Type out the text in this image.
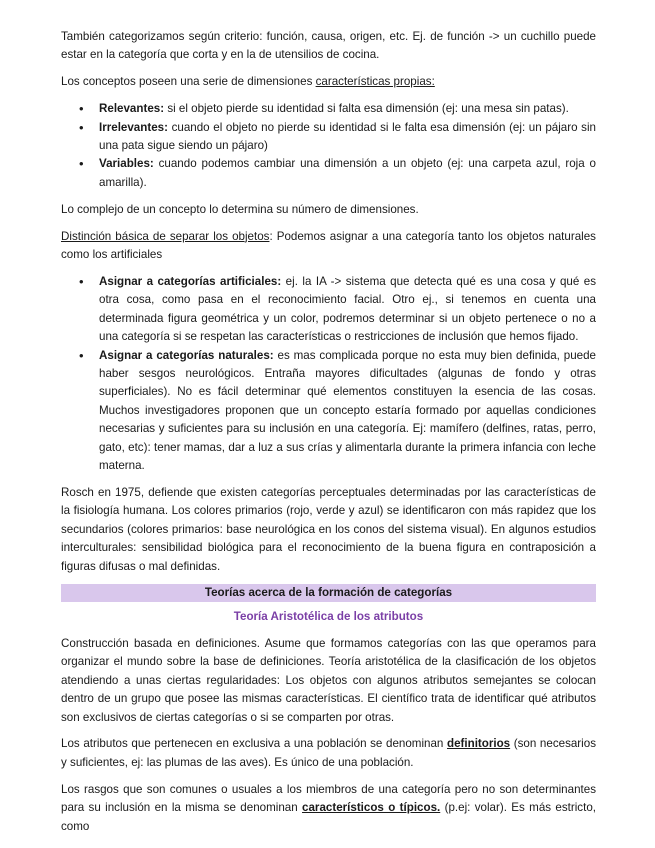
También categorizamos según criterio: función, causa, origen, etc. Ej. de función -> un cuchillo puede estar en la categoría que corta y en la de utensilios de cocina.

Los conceptos poseen una serie de dimensiones características propias:

• Relevantes: si el objeto pierde su identidad si falta esa dimensión (ej: una mesa sin patas).
• Irrelevantes: cuando el objeto no pierde su identidad si le falta esa dimensión (ej: un pájaro sin una pata sigue siendo un pájaro)
• Variables: cuando podemos cambiar una dimensión a un objeto (ej: una carpeta azul, roja o amarilla).

Lo complejo de un concepto lo determina su número de dimensiones.

Distinción básica de separar los objetos: Podemos asignar a una categoría tanto los objetos naturales como los artificiales

• Asignar a categorías artificiales: ej. la IA -> sistema que detecta qué es una cosa y qué es otra cosa, como pasa en el reconocimiento facial. Otro ej., si tenemos en cuenta una determinada figura geométrica y un color, podremos determinar si un objeto pertenece o no a una categoría si se respetan las características o restricciones de inclusión que hemos fijado.
• Asignar a categorías naturales: es mas complicada porque no esta muy bien definida, puede haber sesgos neurológicos. Entraña mayores dificultades (algunas de fondo y otras superficiales). No es fácil determinar qué elementos constituyen la esencia de las cosas. Muchos investigadores proponen que un concepto estaría formado por aquellas condiciones necesarias y suficientes para su inclusión en una categoría. Ej: mamífero (delfines, ratas, perro, gato, etc): tener mamas, dar a luz a sus crías y alimentarla durante la primera infancia con leche materna.

Rosch en 1975, defiende que existen categorías perceptuales determinadas por las características de la fisiología humana. Los colores primarios (rojo, verde y azul) se identificaron con más rapidez que los secundarios (colores primarios: base neurológica en los conos del sistema visual). En algunos estudios interculturales: sensibilidad biológica para el reconocimiento de la buena figura en contraposición a figuras difusas o mal definidas.

Teorías acerca de la formación de categorías
Teoría Aristotélica de los atributos

Construcción basada en definiciones. Asume que formamos categorías con las que operamos para organizar el mundo sobre la base de definiciones. Teoría aristotélica de la clasificación de los objetos atendiendo a unas ciertas regularidades: Los objetos con algunos atributos semejantes se colocan dentro de un grupo que posee las mismas características. El científico trata de identificar qué atributos son exclusivos de ciertas categorías o si se comparten por otras.

Los atributos que pertenecen en exclusiva a una población se denominan definitorios (son necesarios y suficientes, ej: las plumas de las aves). Es único de una población.

Los rasgos que son comunes o usuales a los miembros de una categoría pero no son determinantes para su inclusión en la misma se denominan característicos o típicos. (p.ej: volar). Es más estricto, como
